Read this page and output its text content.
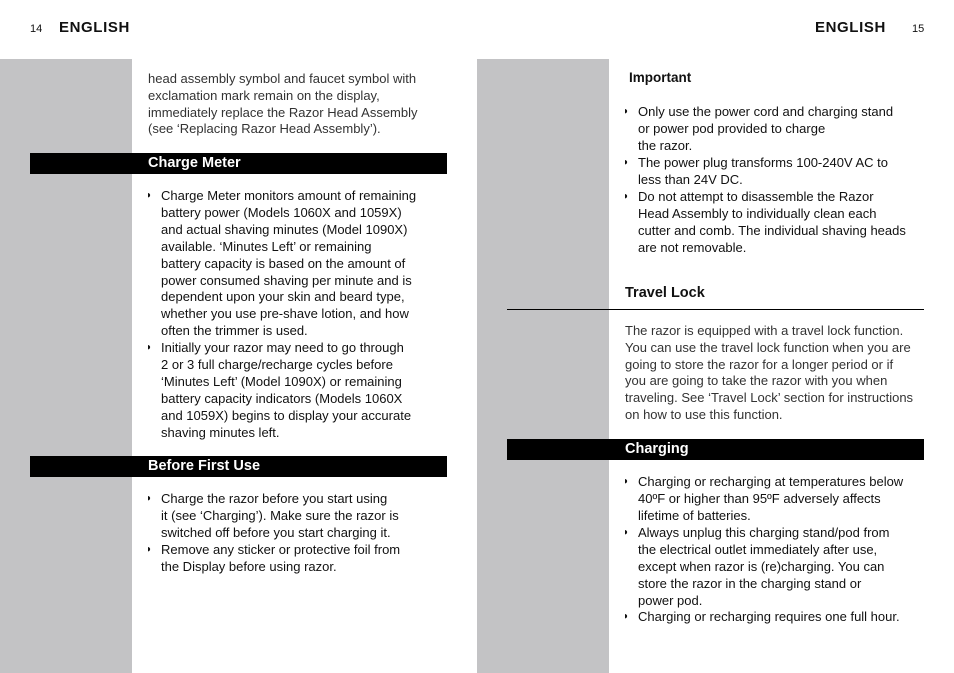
14 ENGLISH
head assembly symbol and faucet symbol with
exclamation mark remain on the display,
immediately replace the Razor Head Assembly
(see ‘Replacing Razor Head Assembly’).
Charge Meter
◗ Charge Meter monitors amount of remaining
battery power (Models 1060X and 1059X)
and actual shaving minutes (Model 1090X)
available. ‘Minutes Left’ or remaining
battery capacity is based on the amount of
power consumed shaving per minute and is
dependent upon your skin and beard type,
whether you use pre-shave lotion, and how
often the trimmer is used.
◗ Initially your razor may need to go through
2 or 3 full charge/recharge cycles before
‘Minutes Left’ (Model 1090X) or remaining
battery capacity indicators (Models 1060X
and 1059X) begins to display your accurate
shaving minutes left.
Before First Use
◗ Charge the razor before you start using
it (see ‘Charging’). Make sure the razor is
switched off before you start charging it.
◗ Remove any sticker or protective foil from
the Display before using razor.
ENGLISH 15
Important
◗ Only use the power cord and charging stand
or power pod provided to charge
the razor.
◗ The power plug transforms 100-240V AC to
less than 24V DC.
◗ Do not attempt to disassemble the Razor
Head Assembly to individually clean each
cutter and comb. The individual shaving heads
are not removable.
Travel Lock
The razor is equipped with a travel lock function.
You can use the travel lock function when you are
going to store the razor for a longer period or if
you are going to take the razor with you when
traveling. See ‘Travel Lock’ section for instructions
on how to use this function.
Charging
◗ Charging or recharging at temperatures below
40ºF or higher than 95ºF adversely affects
lifetime of batteries.
◗ Always unplug this charging stand/pod from
the electrical outlet immediately after use,
except when razor is (re)charging. You can
store the razor in the charging stand or
power pod.
◗ Charging or recharging requires one full hour.
